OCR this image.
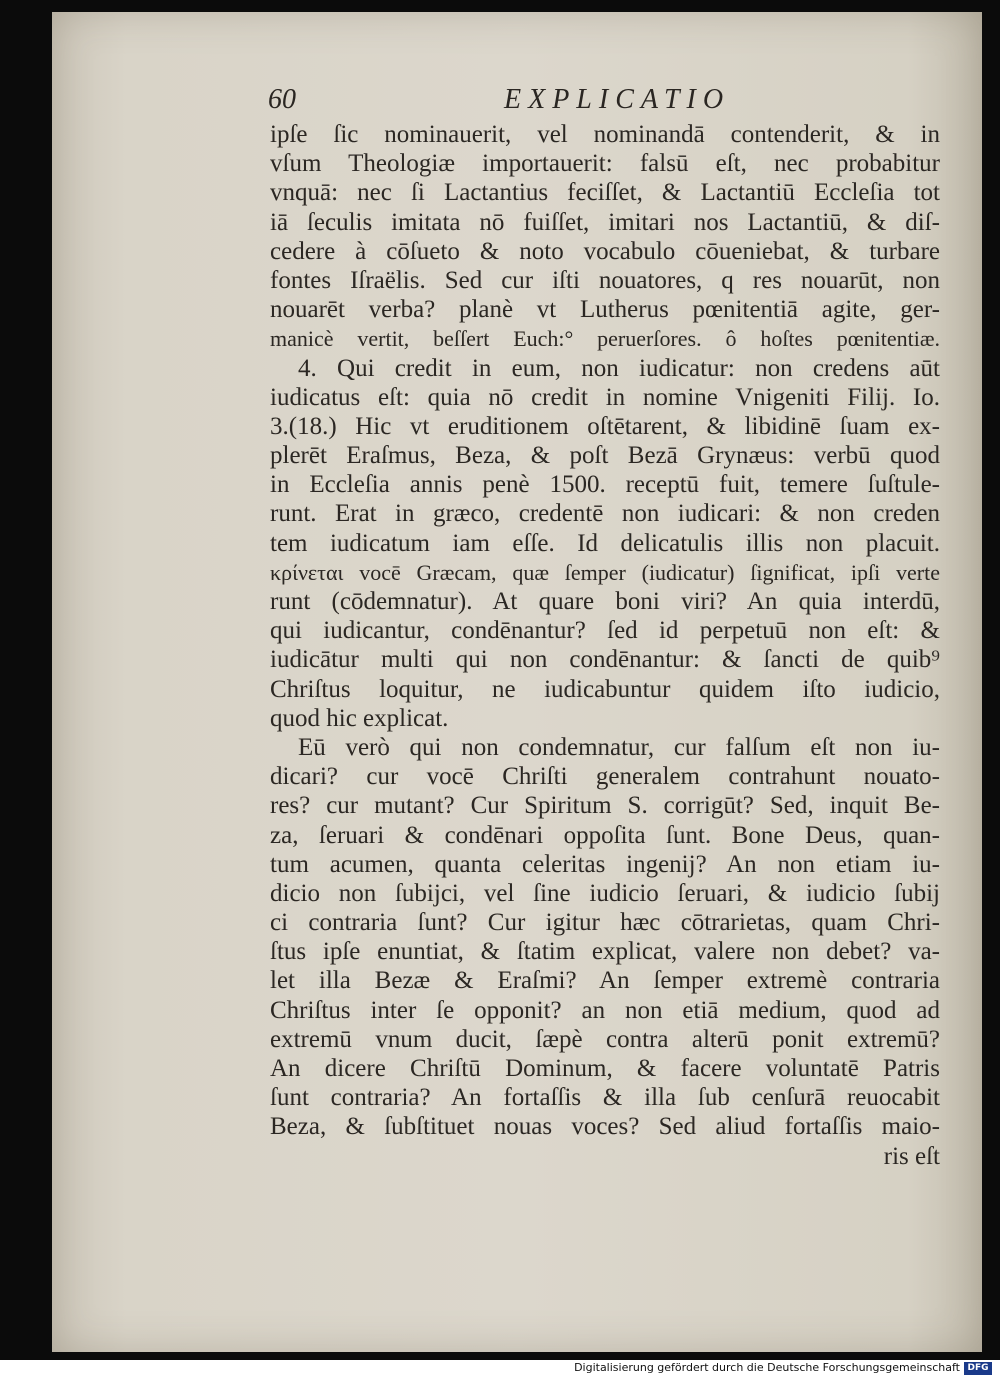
60	EXPLICATIO
ipſe ſic nominauerit, vel nominandā contenderit, & in
vſum Theologiæ importauerit: falsū eſt, nec probabitur
vnquā: nec ſi Lactantius feciſſet, & Lactantiū Eccleſia tot
iā ſeculis imitata nō fuiſſet, imitari nos Lactantiū, & diſ-
cedere à cōſueto & noto vocabulo cōueniebat, & turbare
fontes Iſraëlis. Sed cur iſti nouatores, q res nouarūt, non
nouarēt verba? planè vt Lutherus pœnitentiā agite, ger-
manicè vertit, beſſert Euch:° peruerſores. ô hoſtes pœnitentiæ.
4. Qui credit in eum, non iudicatur: non credens aūt
iudicatus eſt: quia nō credit in nomine Vnigeniti Filij. Io.
3.(18.) Hic vt eruditionem oſtētarent, & libidinē ſuam ex-
plerēt Eraſmus, Beza, & poſt Bezā Grynæus: verbū quod
in Eccleſia annis penè 1500. receptū fuit, temere ſuſtule-
runt. Erat in græco, credentē non iudicari: & non creden
tem iudicatum iam eſſe. Id delicatulis illis non placuit.
κρίνεται vocē Græcam, quæ ſemper (iudicatur) ſignificat, ipſi verte
runt (cōdemnatur). At quare boni viri? An quia interdū,
qui iudicantur, condēnantur? ſed id perpetuū non eſt: &
iudicātur multi qui non condēnantur: & ſancti de quib⁹
Chriſtus loquitur, ne iudicabuntur quidem iſto iudicio,
quod hic explicat.
Eū verò qui non condemnatur, cur falſum eſt non iu-
dicari? cur vocē Chriſti generalem contrahunt nouato-
res? cur mutant? Cur Spiritum S. corrigūt? Sed, inquit Be-
za, ſeruari & condēnari oppoſita ſunt. Bone Deus, quan-
tum acumen, quanta celeritas ingenij? An non etiam iu-
dicio non ſubijci, vel ſine iudicio ſeruari, & iudicio ſubij
ci contraria ſunt? Cur igitur hæc cōtrarietas, quam Chri-
ſtus ipſe enuntiat, & ſtatim explicat, valere non debet? va-
let illa Bezæ & Eraſmi? An ſemper extremè contraria
Chriſtus inter ſe opponit? an non etiā medium, quod ad
extremū vnum ducit, ſæpè contra alterū ponit extremū?
An dicere Chriſtū Dominum, & facere voluntatē Patris
ſunt contraria? An fortaſſis & illa ſub cenſurā reuocabit
Beza, & ſubſtituet nouas voces? Sed aliud fortaſſis maio-
ris eſt
Digitalisierung gefördert durch die Deutsche Forschungsgemeinschaft DFG
